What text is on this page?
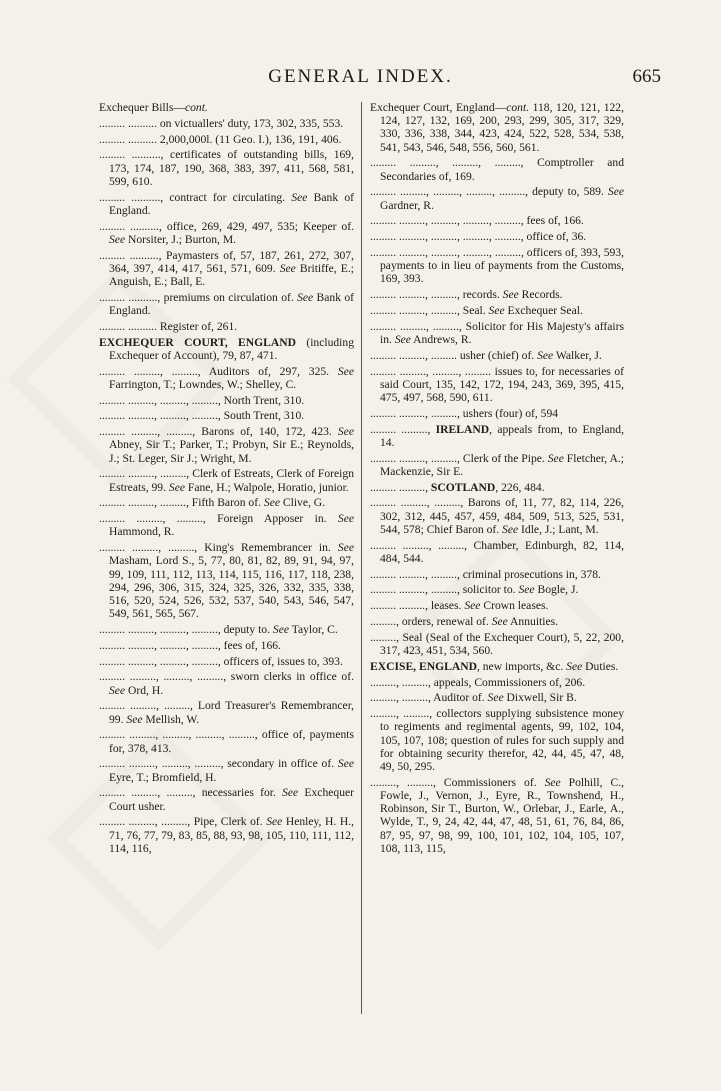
GENERAL INDEX.	665

Exchequer Bills—cont.

......... .......... on victuallers' duty, 173, 302, 335, 553.

......... .......... 2,000,000l. (11 Geo. I.), 136, 191, 406.

......... .........., certificates of outstanding bills, 169, 173, 174, 187, 190, 368, 383, 397, 411, 568, 581, 599, 610.

......... .........., contract for circulating. See Bank of England.

......... .........., office, 269, 429, 497, 535; Keeper of. See Norsiter, J.; Burton, M.

......... .........., Paymasters of, 57, 187, 261, 272, 307, 364, 397, 414, 417, 561, 571, 609. See Britiffe, E.; Anguish, E.; Ball, E.

......... .........., premiums on circulation of. See Bank of England.

......... .......... Register of, 261.

EXCHEQUER COURT, ENGLAND (including Exchequer of Account), 79, 87, 471.

......... ........., ........., Auditors of, 297, 325. See Farrington, T.; Lowndes, W.; Shelley, C.

......... ........., ........., ........., North Trent, 310.

......... ........., ........., ........., South Trent, 310.

......... ........., ........., Barons of, 140, 172, 423. See Abney, Sir T.; Parker, T.; Probyn, Sir E.; Reynolds, J.; St. Leger, Sir J.; Wright, M.

......... ........., ........., Clerk of Estreats, Clerk of Foreign Estreats, 99. See Fane, H.; Walpole, Horatio, junior.

......... ........., ........., Fifth Baron of. See Clive, G.

......... ........., ........., Foreign Apposer in. See Hammond, R.

......... ........., ........., King's Remembrancer in. See Masham, Lord S., 5, 77, 80, 81, 82, 89, 91, 94, 97, 99, 109, 111, 112, 113, 114, 115, 116, 117, 118, 238, 294, 296, 306, 315, 324, 325, 326, 332, 335, 338, 516, 520, 524, 526, 532, 537, 540, 543, 546, 547, 549, 561, 565, 567.

......... ........., ........., ........., deputy to. See Taylor, C.

......... ........., ........., ........., fees of, 166.

......... ........., ........., ........., officers of, issues to, 393.

......... ........., ........., ........., sworn clerks in office of. See Ord, H.

......... ........., ........., Lord Treasurer's Remembrancer, 99. See Mellish, W.

......... ........., ........., ........., ........., office of, payments for, 378, 413.

......... ........., ........., ........., secondary in office of. See Eyre, T.; Bromfield, H.

......... ........., ........., necessaries for. See Exchequer Court usher.

......... ........., ........., Pipe, Clerk of. See Henley, H. H., 71, 76, 77, 79, 83, 85, 88, 93, 98, 105, 110, 111, 112, 114, 116,

Exchequer Court, England—cont. 118, 120, 121, 122, 124, 127, 132, 169, 200, 293, 299, 305, 317, 329, 330, 336, 338, 344, 423, 424, 522, 528, 534, 538, 541, 543, 546, 548, 556, 560, 561.

......... ........., ........., ........., Comptroller and Secondaries of, 169.

......... ........., ........., ........., ........., deputy to, 589. See Gardner, R.

......... ........., ........., ........., ........., fees of, 166.

......... ........., ........., ........., ........., office of, 36.

......... ........., ........., ........., ........., officers of, 393, 593, payments to in lieu of payments from the Customs, 169, 393.

......... ........., ........., records. See Records.

......... ........., ........., Seal. See Exchequer Seal.

......... ........., ........., Solicitor for His Majesty's affairs in. See Andrews, R.

......... ........., ......... usher (chief) of. See Walker, J.

......... ........., ........., ......... issues to, for necessaries of said Court, 135, 142, 172, 194, 243, 369, 395, 415, 475, 497, 568, 590, 611.

......... ........., ........., ushers (four) of, 594

......... ........., IRELAND, appeals from, to England, 14.

......... ........., ........., Clerk of the Pipe. See Fletcher, A.; Mackenzie, Sir E.

......... ........., SCOTLAND, 226, 484.

......... ........., ........., Barons of, 11, 77, 82, 114, 226, 302, 312, 445, 457, 459, 484, 509, 513, 525, 531, 544, 578; Chief Baron of. See Idle, J.; Lant, M.

......... ........., ........., Chamber, Edinburgh, 82, 114, 484, 544.

......... ........., ........., criminal prosecutions in, 378.

......... ........., ........., solicitor to. See Bogle, J.

......... ........., leases. See Crown leases.

........., orders, renewal of. See Annuities.

........., Seal (Seal of the Exchequer Court), 5, 22, 200, 317, 423, 451, 534, 560.

EXCISE, ENGLAND, new imports, &c. See Duties.

........., ........., appeals, Commissioners of, 206.

........., ........., Auditor of. See Dixwell, Sir B.

........., ........., collectors supplying subsistence money to regiments and regimental agents, 99, 102, 104, 105, 107, 108; question of rules for such supply and for obtaining security therefor, 42, 44, 45, 47, 48, 49, 50, 295.

........., ........., Commissioners of. See Polhill, C., Fowle, J., Vernon, J., Eyre, R., Townshend, H., Robinson, Sir T., Burton, W., Orlebar, J., Earle, A., Wylde, T., 9, 24, 42, 44, 47, 48, 51, 61, 76, 84, 86, 87, 95, 97, 98, 99, 100, 101, 102, 104, 105, 107, 108, 113, 115,
